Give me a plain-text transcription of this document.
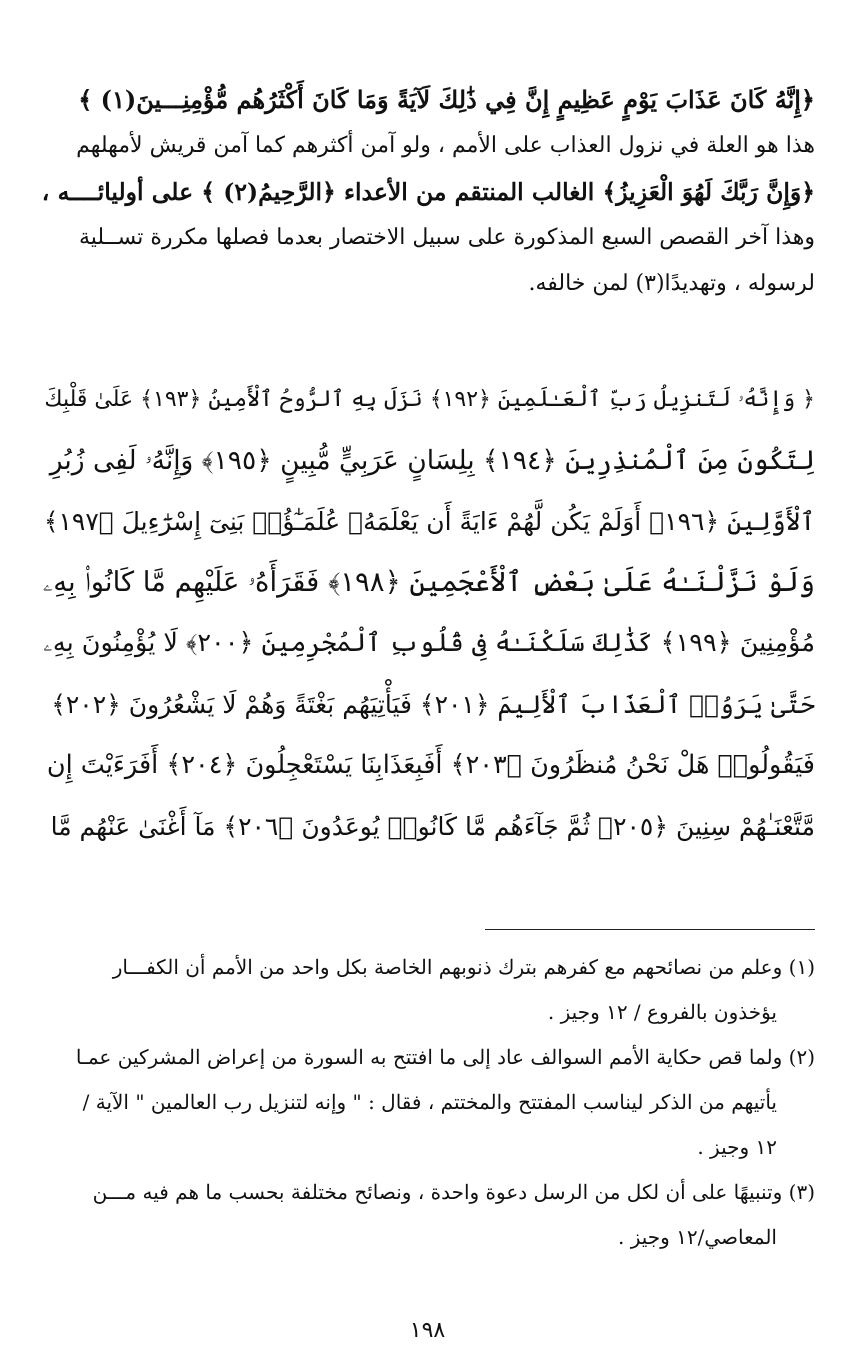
﴿إِنَّهُ كَانَ عَذَابَ يَوْمٍ عَظِيمٍ إِنَّ فِي ذَٰلِكَ لَآيَةً وَمَا كَانَ أَكْثَرُهُم مُّؤْمِنِـــينَ(١) ﴾
هذا هو العلة في نزول العذاب على الأمم ، ولو آمن أكثرهم كما آمن قريش لأمهلهم
﴿وَإِنَّ رَبَّكَ لَهُوَ الْعَزِيزُ﴾ الغالب المنتقم من الأعداء ﴿الرَّحِيمُ(٢) ﴾ على أوليائــــه ،
وهذا آخر القصص السبع المذكورة على سبيل الاختصار بعدما فصلها مكررة تســلية
لرسوله ، وتهديدًا(٣) لمن خالفه.
﴿ وَإِنَّهُۥ لَتَنزِيلُ رَبِّ ٱلْعَـٰلَمِينَ ﴿١٩٢﴾ نَزَلَ بِهِ ٱلرُّوحُ ٱلْأَمِينُ ﴿١٩٣﴾ عَلَىٰ قَلْبِكَ
لِتَكُونَ مِنَ ٱلْمُنذِرِينَ ﴿١٩٤﴾ بِلِسَانٍ عَرَبِيٍّ مُّبِينٍ ﴿١٩٥﴾ وَإِنَّهُۥ لَفِى زُبُرِ
ٱلْأَوَّلِينَ ﴿١٩٦﴾ أَوَلَمْ يَكُن لَّهُمْ ءَايَةً أَن يَعْلَمَهُۥ عُلَمَـٰٓؤُا۟ بَنِىٓ إِسْرَٰٓءِيلَ ﴿١٩٧﴾
وَلَوْ نَزَّلْنَـٰهُ عَلَىٰ بَعْضِ ٱلْأَعْجَمِينَ ﴿١٩٨﴾ فَقَرَأَهُۥ عَلَيْهِم مَّا كَانُوا۟ بِهِۦ
مُؤْمِنِينَ ﴿١٩٩﴾ كَذَٰلِكَ سَلَكْنَـٰهُ فِى قُلُوبِ ٱلْمُجْرِمِينَ ﴿٢٠٠﴾ لَا يُؤْمِنُونَ بِهِۦ
حَتَّىٰ يَرَوُا۟ ٱلْعَذَابَ ٱلْأَلِيمَ ﴿٢٠١﴾ فَيَأْتِيَهُم بَغْتَةً وَهُمْ لَا يَشْعُرُونَ ﴿٢٠٢﴾
فَيَقُولُوا۟ هَلْ نَحْنُ مُنظَرُونَ ﴿٢٠٣﴾ أَفَبِعَذَابِنَا يَسْتَعْجِلُونَ ﴿٢٠٤﴾ أَفَرَءَيْتَ إِن
مَّتَّعْنَـٰهُمْ سِنِينَ ﴿٢٠٥﴾ ثُمَّ جَآءَهُم مَّا كَانُوا۟ يُوعَدُونَ ﴿٢٠٦﴾ مَآ أَغْنَىٰ عَنْهُم مَّا
(١) وعلم من نصائحهم مع كفرهم بترك ذنوبهم الخاصة بكل واحد من الأمم أن الكفـــار
يؤخذون بالفروع / ١٢ وجيز .
(٢) ولما قص حكاية الأمم السوالف عاد إلى ما افتتح به السورة من إعراض المشركين عمـا
يأتيهم من الذكر ليناسب المفتتح والمختتم ، فقال : " وإنه لتنزيل رب العالمين " الآية /
١٢ وجيز .
(٣) وتنبيهًا على أن لكل من الرسل دعوة واحدة ، ونصائح مختلفة بحسب ما هم فيه مـــن
المعاصي/١٢ وجيز .
١٩٨
